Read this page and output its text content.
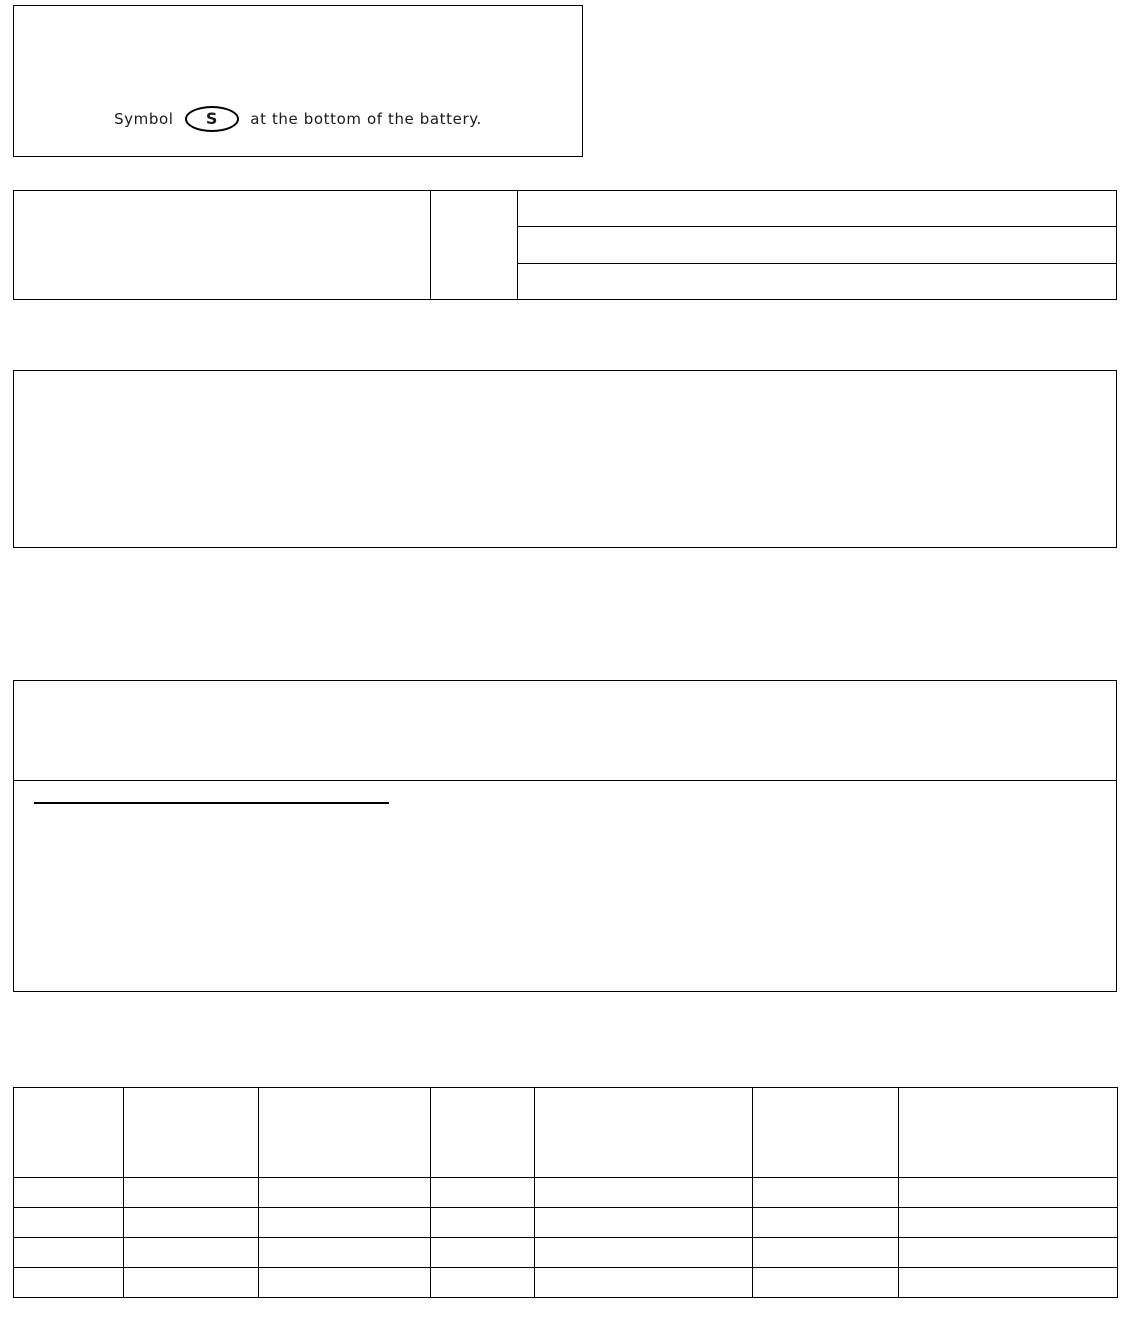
Symbol S at the bottom of the battery.
